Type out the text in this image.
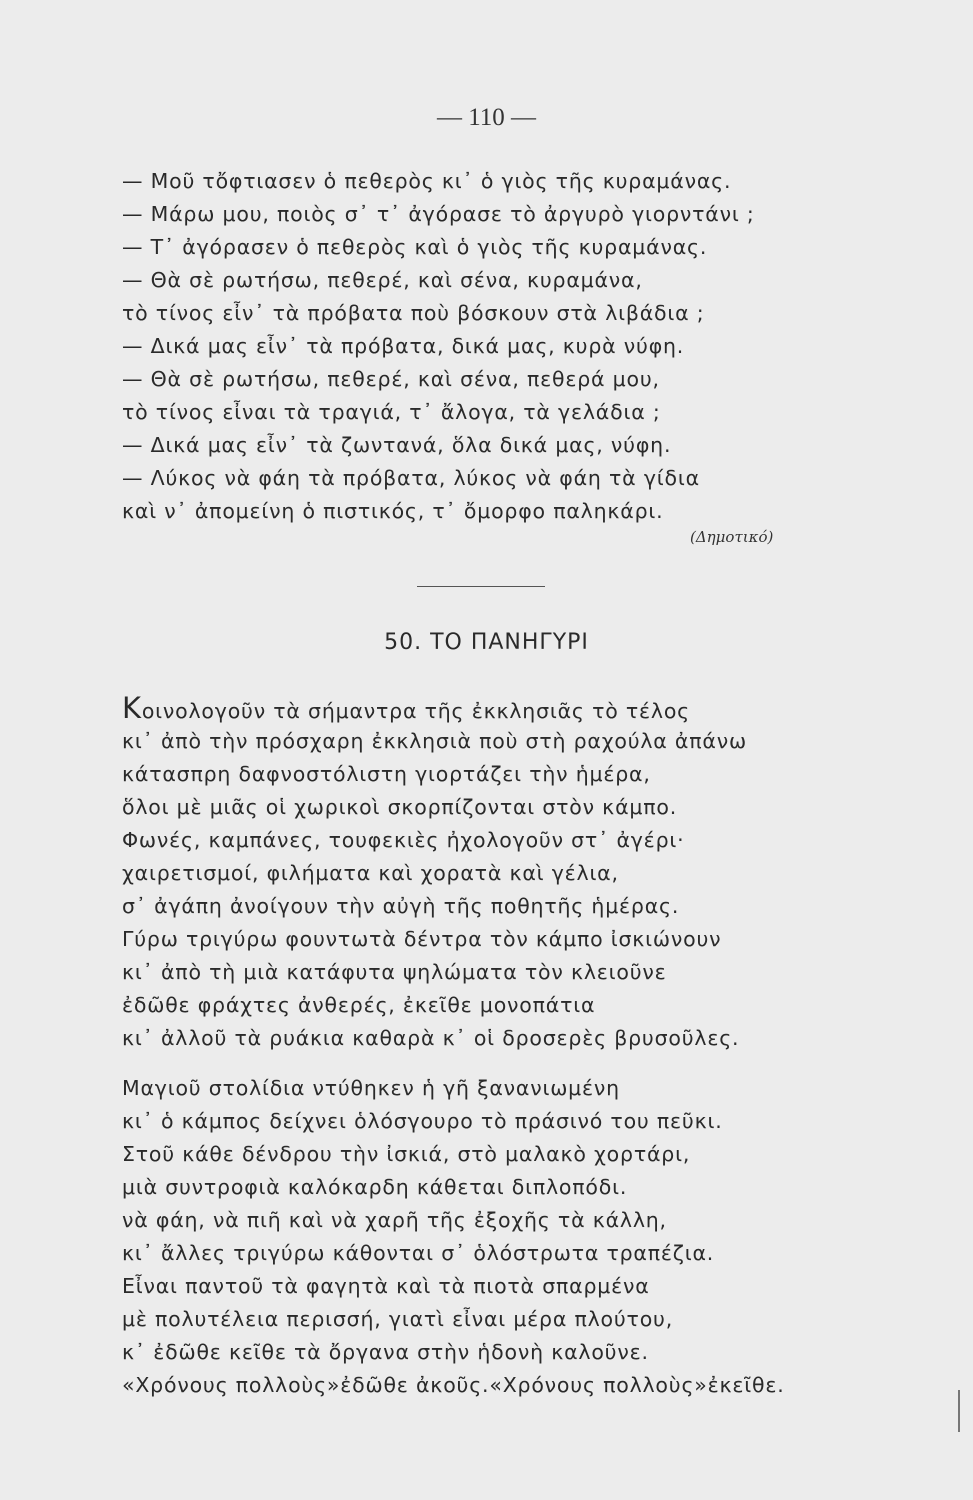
— 110 —
— Μοῦ τὄφτιασεν ὁ πεθερὸς κι᾽ ὁ γιὸς τῆς κυραμάνας.
— Μάρω μου, ποιὸς σ᾽ τ᾽ ἀγόρασε τὸ ἀργυρὸ γιορντάνι ;
— Τ᾽ ἀγόρασεν ὁ πεθερὸς καὶ ὁ γιὸς τῆς κυραμάνας.
— Θὰ σὲ ρωτήσω, πεθερέ, καὶ σένα, κυραμάνα,
τὸ τίνος εἶν᾽ τὰ πρόβατα ποὺ βόσκουν στὰ λιβάδια ;
— Δικά μας εἶν᾽ τὰ πρόβατα, δικά μας, κυρὰ νύφη.
— Θὰ σὲ ρωτήσω, πεθερέ, καὶ σένα, πεθερά μου,
τὸ τίνος εἶναι τὰ τραγιά, τ᾽ ἄλογα, τὰ γελάδια ;
— Δικά μας εἶν᾽ τὰ ζωντανά, ὅλα δικά μας, νύφη.
— Λύκος νὰ φάη τὰ πρόβατα, λύκος νὰ φάη τὰ γίδια
καὶ ν᾽ ἀπομείνη ὁ πιστικός, τ᾽ ὄμορφο παληκάρι.
(Δημοτικό)
50. ΤΟ ΠΑΝΗΓΥΡΙ
Κοινολογοῦν τὰ σήμαντρα τῆς ἐκκλησιᾶς τὸ τέλος
κι᾽ ἀπὸ τὴν πρόσχαρη ἐκκλησιὰ ποὺ στὴ ραχούλα ἀπάνω
κάτασπρη δαφνοστόλιστη γιορτάζει τὴν ἡμέρα,
ὅλοι μὲ μιᾶς οἱ χωρικοὶ σκορπίζονται στὸν κάμπο.
Φωνές, καμπάνες, τουφεκιὲς ἠχολογοῦν στ᾽ ἀγέρι·
χαιρετισμοί, φιλήματα καὶ χορατὰ καὶ γέλια,
σ᾽ ἀγάπη ἀνοίγουν τὴν αὐγὴ τῆς ποθητῆς ἡμέρας.
Γύρω τριγύρω φουντωτὰ δέντρα τὸν κάμπο ἰσκιώνουν
κι᾽ ἀπὸ τὴ μιὰ κατάφυτα ψηλώματα τὸν κλειοῦνε
ἐδῶθε φράχτες ἀνθερές, ἐκεῖθε μονοπάτια
κι᾽ ἀλλοῦ τὰ ρυάκια καθαρὰ κ᾽ οἱ δροσερὲς βρυσοῦλες.
Μαγιοῦ στολίδια ντύθηκεν ἡ γῆ ξανανιωμένη
κι᾽ ὁ κάμπος δείχνει ὁλόσγουρο τὸ πράσινό του πεῦκι.
Στοῦ κάθε δένδρου τὴν ἰσκιά, στὸ μαλακὸ χορτάρι,
μιὰ συντροφιὰ καλόκαρδη κάθεται διπλοπόδι.
νὰ φάη, νὰ πιῆ καὶ νὰ χαρῆ τῆς ἐξοχῆς τὰ κάλλη,
κι᾽ ἄλλες τριγύρω κάθονται σ᾽ ὁλόστρωτα τραπέζια.
Εἶναι παντοῦ τὰ φαγητὰ καὶ τὰ πιοτὰ σπαρμένα
μὲ πολυτέλεια περισσή, γιατὶ εἶναι μέρα πλούτου,
κ᾽ ἐδῶθε κεῖθε τὰ ὄργανα στὴν ἡδονὴ καλοῦνε.
«Χρόνους πολλοὺς»ἐδῶθε ἀκοῦς.«Χρόνους πολλοὺς»ἐκεῖθε.
